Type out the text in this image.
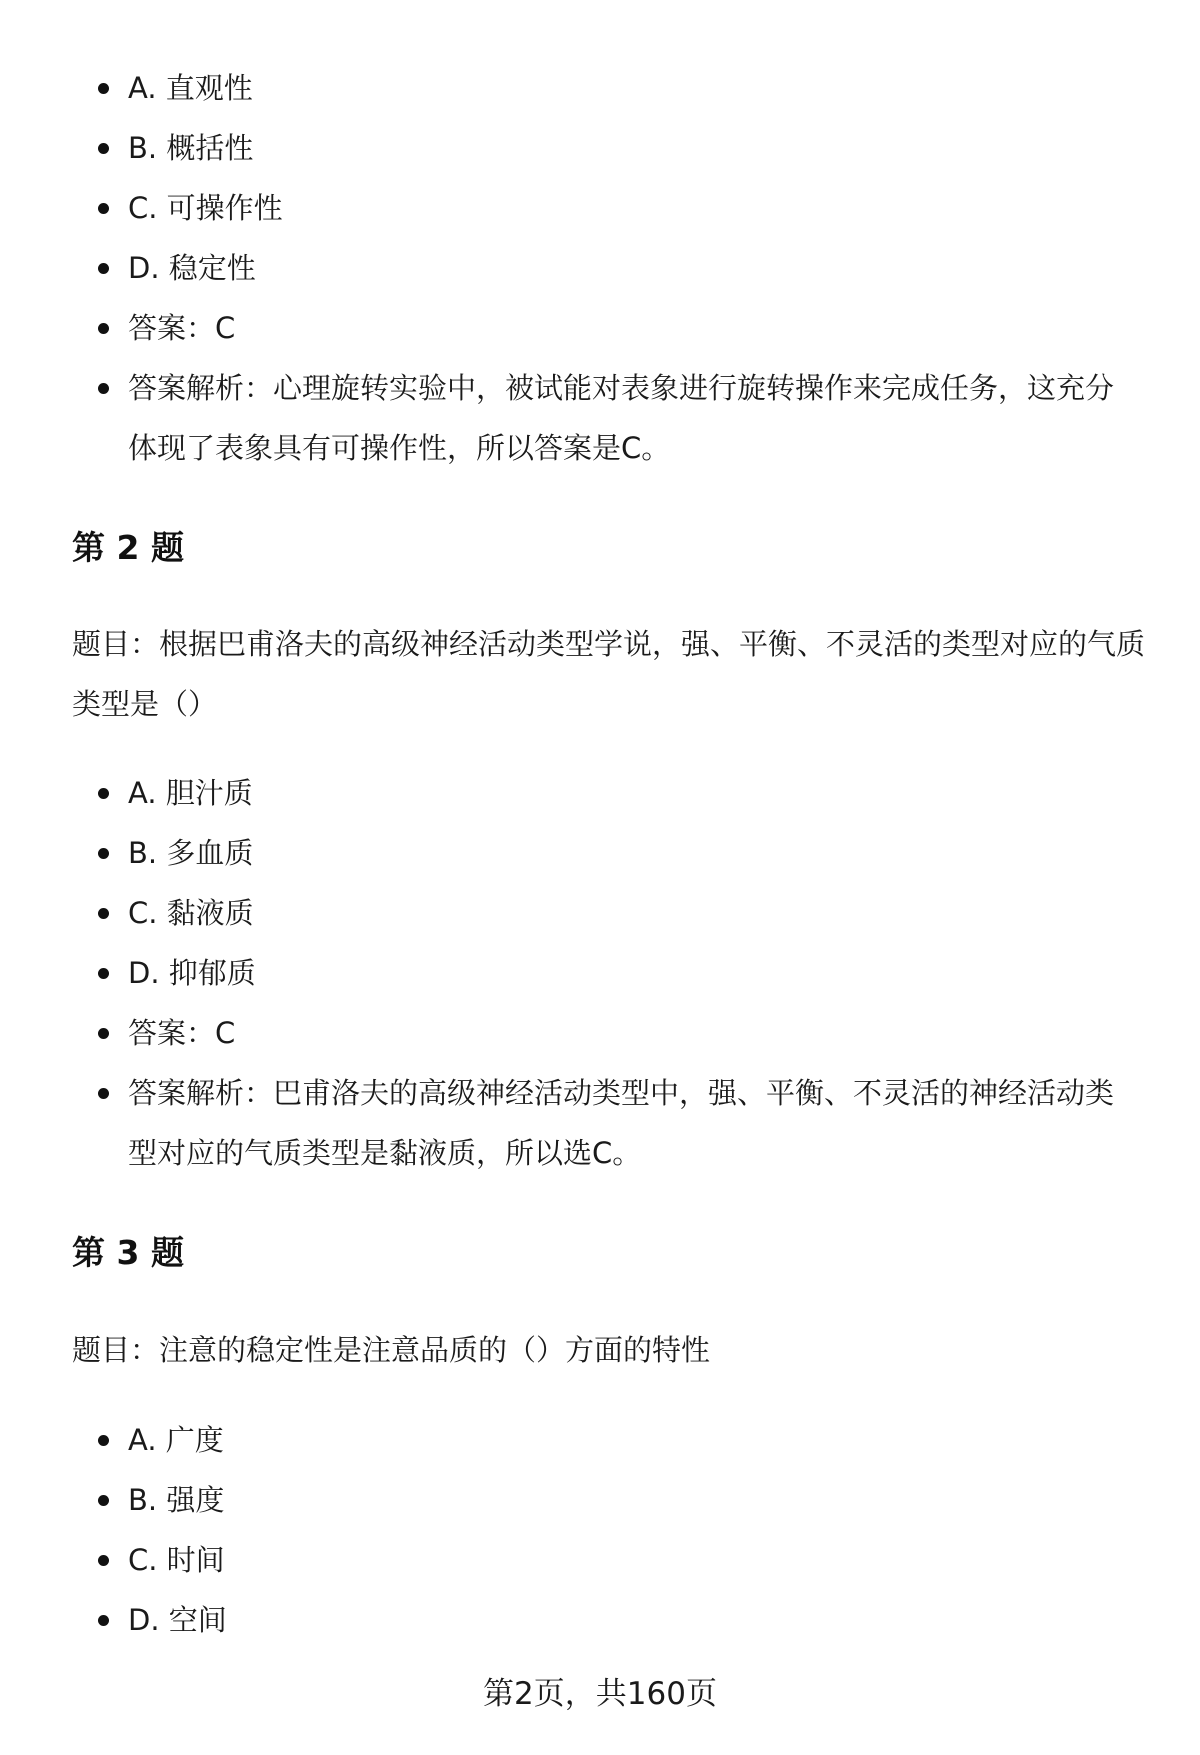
A. 直观性
B. 概括性
C. 可操作性
D. 稳定性
答案：C
答案解析：心理旋转实验中，被试能对表象进行旋转操作来完成任务，这充分体现了表象具有可操作性，所以答案是C。
第 2 题
题目：根据巴甫洛夫的高级神经活动类型学说，强、平衡、不灵活的类型对应的气质类型是（）
A. 胆汁质
B. 多血质
C. 黏液质
D. 抑郁质
答案：C
答案解析：巴甫洛夫的高级神经活动类型中，强、平衡、不灵活的神经活动类型对应的气质类型是黏液质，所以选C。
第 3 题
题目：注意的稳定性是注意品质的（）方面的特性
A. 广度
B. 强度
C. 时间
D. 空间
第2页，共160页
